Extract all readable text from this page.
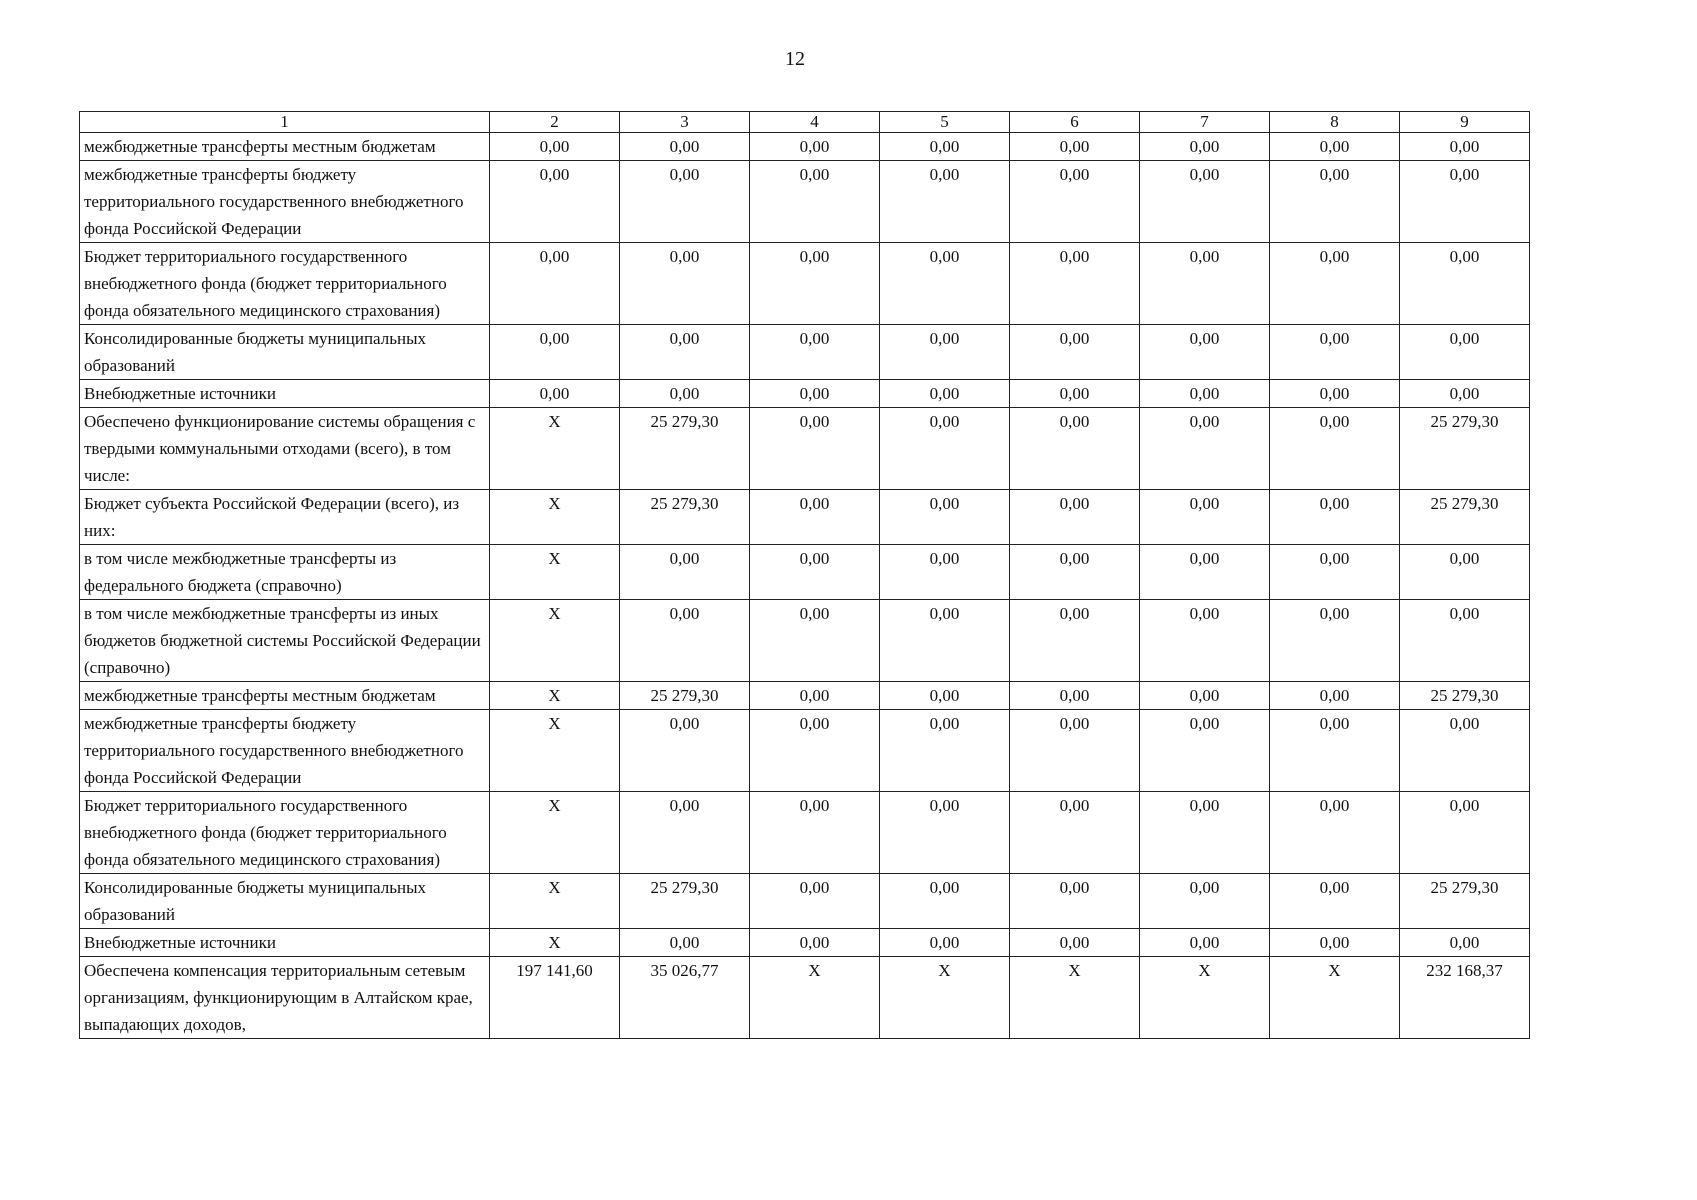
12
1	2	3	4	5	6	7	8	9
межбюджетные трансферты местным бюджетам	0,00	0,00	0,00	0,00	0,00	0,00	0,00	0,00
межбюджетные трансферты бюджету территориального государственного внебюджетного фонда Российской Федерации	0,00	0,00	0,00	0,00	0,00	0,00	0,00	0,00
Бюджет территориального государственного внебюджетного фонда (бюджет территориального фонда обязательного медицинского страхования)	0,00	0,00	0,00	0,00	0,00	0,00	0,00	0,00
Консолидированные бюджеты муниципальных образований	0,00	0,00	0,00	0,00	0,00	0,00	0,00	0,00
Внебюджетные источники	0,00	0,00	0,00	0,00	0,00	0,00	0,00	0,00
Обеспечено функционирование системы обращения с твердыми коммунальными отходами (всего), в том числе:	X	25 279,30	0,00	0,00	0,00	0,00	0,00	25 279,30
Бюджет субъекта Российской Федерации (всего), из них:	X	25 279,30	0,00	0,00	0,00	0,00	0,00	25 279,30
в том числе межбюджетные трансферты из федерального бюджета (справочно)	X	0,00	0,00	0,00	0,00	0,00	0,00	0,00
в том числе межбюджетные трансферты из иных бюджетов бюджетной системы Российской Федерации (справочно)	X	0,00	0,00	0,00	0,00	0,00	0,00	0,00
межбюджетные трансферты местным бюджетам	X	25 279,30	0,00	0,00	0,00	0,00	0,00	25 279,30
межбюджетные трансферты бюджету территориального государственного внебюджетного фонда Российской Федерации	X	0,00	0,00	0,00	0,00	0,00	0,00	0,00
Бюджет территориального государственного внебюджетного фонда (бюджет территориального фонда обязательного медицинского страхования)	X	0,00	0,00	0,00	0,00	0,00	0,00	0,00
Консолидированные бюджеты муниципальных образований	X	25 279,30	0,00	0,00	0,00	0,00	0,00	25 279,30
Внебюджетные источники	X	0,00	0,00	0,00	0,00	0,00	0,00	0,00
Обеспечена компенсация территориальным сетевым организациям, функционирующим в Алтайском крае, выпадающих доходов,	197 141,60	35 026,77	X	X	X	X	X	232 168,37
